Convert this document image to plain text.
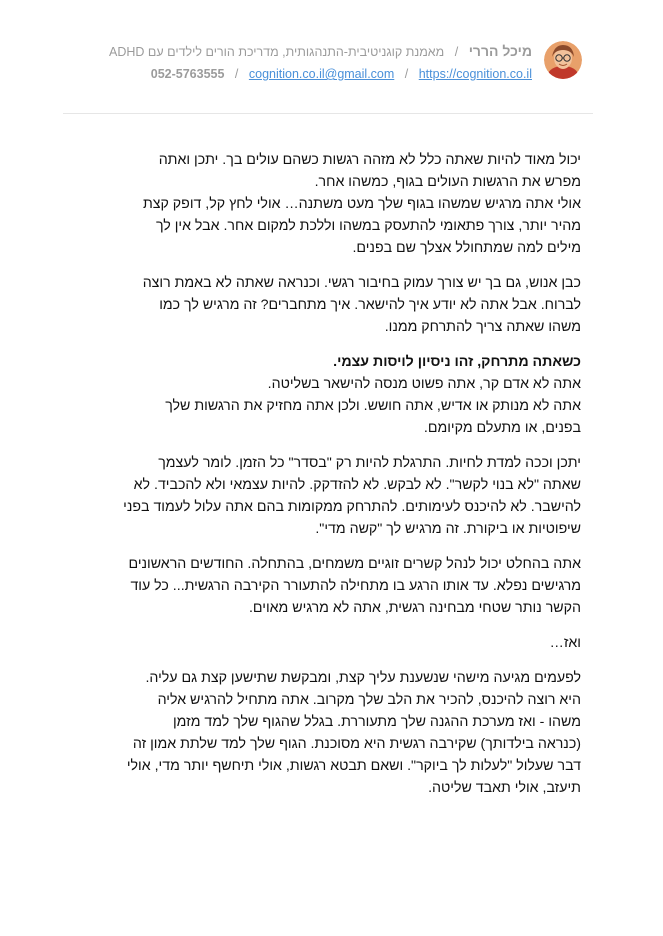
מיכל הררי / מאמנת קוגניטיבית-התנהגותית, מדריכת הורים לילדים עם ADHD
052-5763555 / cognition.co.il@gmail.com / https://cognition.co.il
יכול מאוד להיות שאתה כלל לא מזהה רגשות כשהם עולים בך. יתכן ואתה
מפרש את הרגשות העולים בגוף, כמשהו אחר.
אולי אתה מרגיש שמשהו בגוף שלך מעט משתנה… אולי לחץ קל, דופק קצת
מהיר יותר, צורך פתאומי להתעסק במשהו וללכת למקום אחר. אבל אין לך
מילים למה שמתחולל אצלך שם בפנים.
כבן אנוש, גם בך יש צורך עמוק בחיבור רגשי. וכנראה שאתה לא באמת רוצה
לברוח. אבל אתה לא יודע איך להישאר. איך מתחברים? זה מרגיש לך כמו
משהו שאתה צריך להתרחק ממנו.
כשאתה מתרחק, זהו ניסיון לויסות עצמי.
אתה לא אדם קר, אתה פשוט מנסה להישאר בשליטה.
אתה לא מנותק או אדיש, אתה חושש. ולכן אתה מחזיק את הרגשות שלך
בפנים, או מתעלם מקיומם.
יתכן וככה למדת לחיות. התרגלת להיות רק "בסדר" כל הזמן. לומר לעצמך
שאתה "לא בנוי לקשר". לא לבקש. לא להזדקק. להיות עצמאי ולא להכביד. לא
להישבר. לא להיכנס לעימותים. להתרחק ממקומות בהם אתה עלול לעמוד בפני
שיפוטיות או ביקורת. זה מרגיש לך "קשה מדי".
אתה בהחלט יכול לנהל קשרים זוגיים משמחים, בהתחלה. החודשים הראשונים
מרגישים נפלא. עד אותו הרגע בו מתחילה להתעורר הקירבה הרגשית... כל עוד
הקשר נותר שטחי מבחינה רגשית, אתה לא מרגיש מאוים.
ואז…
לפעמים מגיעה מישהי שנשענת עליך קצת, ומבקשת שתישען קצת גם עליה.
היא רוצה להיכנס, להכיר את הלב שלך מקרוב. אתה מתחיל להרגיש אליה
משהו - ואז מערכת ההגנה שלך מתעוררת. בגלל שהגוף שלך למד מזמן
(כנראה בילדותך) שקירבה רגשית היא מסוכנת. הגוף שלך למד שלתת אמון זה
דבר שעלול "לעלות לך ביוקר". ושאם תבטא רגשות, אולי תיחשף יותר מדי, אולי
תיעזב, אולי תאבד שליטה.
